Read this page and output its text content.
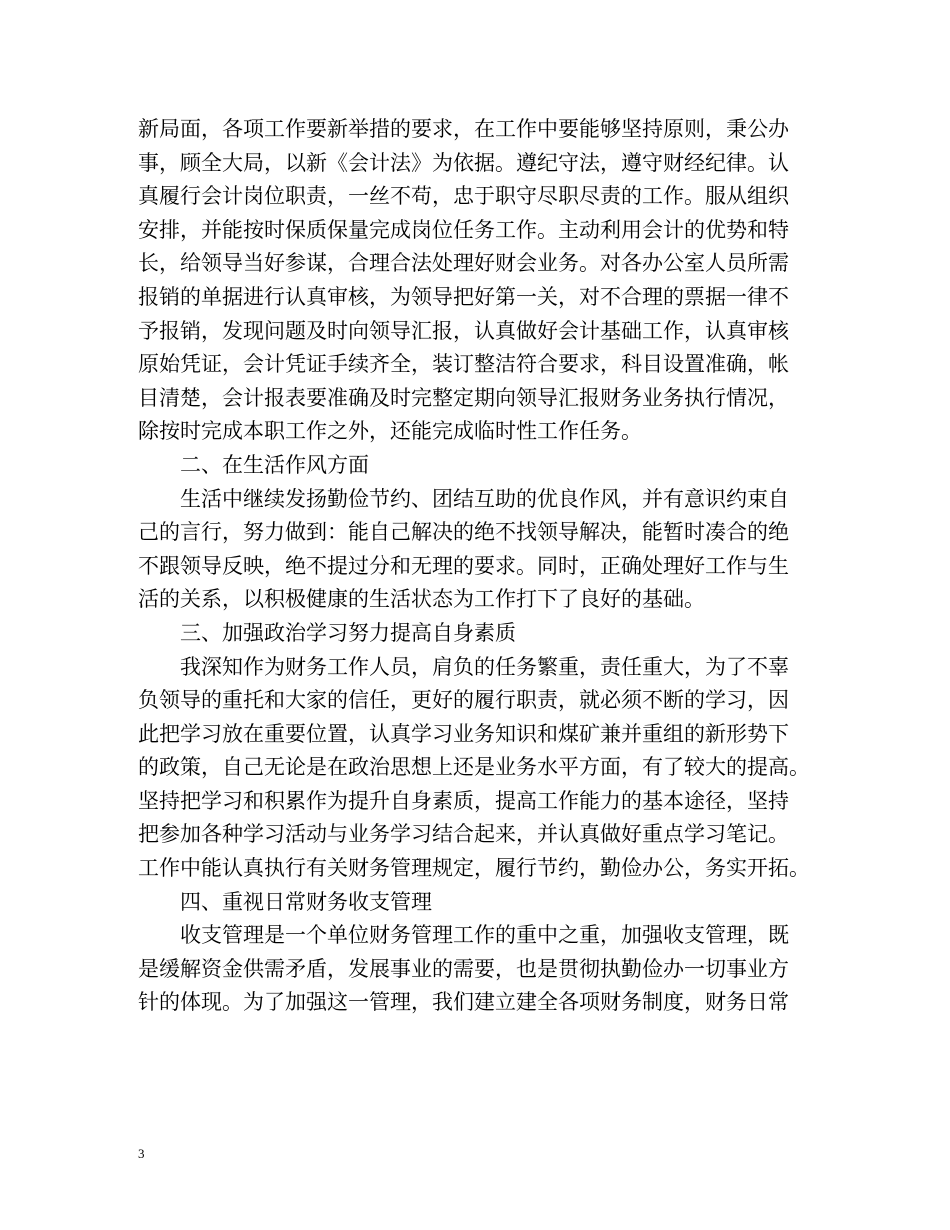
新局面，各项工作要新举措的要求，在工作中要能够坚持原则，秉公办
事，顾全大局，以新《会计法》为依据。遵纪守法，遵守财经纪律。认
真履行会计岗位职责，一丝不苟，忠于职守尽职尽责的工作。服从组织
安排，并能按时保质保量完成岗位任务工作。主动利用会计的优势和特
长，给领导当好参谋，合理合法处理好财会业务。对各办公室人员所需
报销的单据进行认真审核，为领导把好第一关，对不合理的票据一律不
予报销，发现问题及时向领导汇报，认真做好会计基础工作，认真审核
原始凭证，会计凭证手续齐全，装订整洁符合要求，科目设置准确，帐
目清楚，会计报表要准确及时完整定期向领导汇报财务业务执行情况，
除按时完成本职工作之外，还能完成临时性工作任务。
二、在生活作风方面
生活中继续发扬勤俭节约、团结互助的优良作风，并有意识约束自
己的言行，努力做到：能自己解决的绝不找领导解决，能暂时凑合的绝
不跟领导反映，绝不提过分和无理的要求。同时，正确处理好工作与生
活的关系，以积极健康的生活状态为工作打下了良好的基础。
三、加强政治学习努力提高自身素质
我深知作为财务工作人员，肩负的任务繁重，责任重大，为了不辜
负领导的重托和大家的信任，更好的履行职责，就必须不断的学习，因
此把学习放在重要位置，认真学习业务知识和煤矿兼并重组的新形势下
的政策，自己无论是在政治思想上还是业务水平方面，有了较大的提高。
坚持把学习和积累作为提升自身素质，提高工作能力的基本途径，坚持
把参加各种学习活动与业务学习结合起来，并认真做好重点学习笔记。
工作中能认真执行有关财务管理规定，履行节约，勤俭办公，务实开拓。
四、重视日常财务收支管理
收支管理是一个单位财务管理工作的重中之重，加强收支管理，既
是缓解资金供需矛盾，发展事业的需要，也是贯彻执勤俭办一切事业方
针的体现。为了加强这一管理，我们建立建全各项财务制度，财务日常
3
